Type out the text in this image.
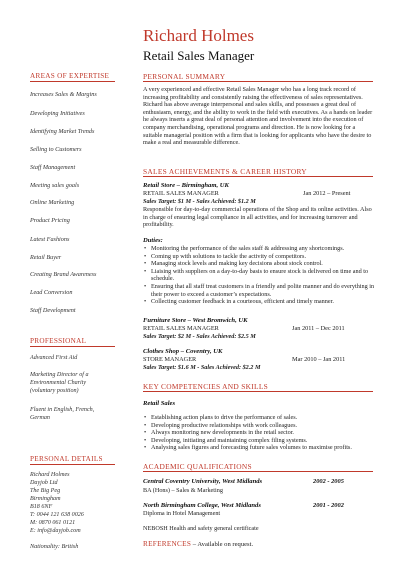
Richard Holmes
Retail Sales Manager
AREAS OF EXPERTISE
Increases Sales & Margins
Developing Initiatives
Identifying Market Trends
Selling to Customers
Staff Management
Meeting sales goals
Online Marketing
Product Pricing
Latest Fashions
Retail Buyer
Creating Brand Awareness
Lead Conversion
Staff Development
PROFESSIONAL
Advanced First Aid
Marketing Director of a Environmental Charity (voluntary position)
Fluent in English, French, German
PERSONAL DETAILS
Richard Holmes
Dayjob Ltd
The Big Peg
Birmingham
B18 6NF
T: 0044 121 638 0026
M: 0870 061 0121
E: info@dayjob.com
Nationality: British
PERSONAL SUMMARY
A very experienced and effective Retail Sales Manager who has a long track record of increasing profitability and consistently raising the effectiveness of sales representatives. Richard has above average interpersonal and sales skills, and possesses a great deal of enthusiasm, energy, and the ability to work in the field with executives. As a hands on leader he always inserts a great deal of personal attention and involvement into the execution of company merchandising, operational programs and direction. He is now looking for a suitable managerial position with a firm that is looking for applicants who have the desire to make a real and measurable difference.
SALES ACHIEVEMENTS & CAREER HISTORY
Retail Store – Birmingham, UK
RETAIL SALES MANAGER	Jan 2012 – Present
Sales Target: $1 M - Sales Achieved: $1.2 M
Responsible for day-to-day commercial operations of the Shop and its online activities. Also in charge of ensuring legal compliance in all activities, and for increasing turnover and profitability.
Duties:
• Monitoring the performance of the sales staff & addressing any shortcomings.
• Coming up with solutions to tackle the activity of competitors.
• Managing stock levels and making key decisions about stock control.
• Liaising with suppliers on a day-to-day basis to ensure stock is delivered on time and to schedule.
• Ensuring that all staff treat customers in a friendly and polite manner and do everything in their power to exceed a customer’s expectations.
• Collecting customer feedback in a courteous, efficient and timely manner.
Furniture Store – West Bromwich, UK
RETAIL SALES MANAGER	Jan 2011 – Dec 2011
Sales Target: $2 M - Sales Achieved: $2.5 M
Clothes Shop – Coventry, UK
STORE MANAGER	Mar 2010 – Jan 2011
Sales Target: $1.6 M - Sales Achieved: $2.2 M
KEY COMPETENCIES AND SKILLS
Retail Sales
• Establishing action plans to drive the performance of sales.
• Developing productive relationships with work colleagues.
• Always monitoring new developments in the retail sector.
• Developing, initiating and maintaining complex filing systems.
• Analysing sales figures and forecasting future sales volumes to maximise profits.
ACADEMIC QUALIFICATIONS
Central Coventry University, West Midlands	2002 - 2005
BA (Hons) – Sales & Marketing
North Birmingham College, West Midlands	2001 - 2002
Diploma in Hotel Management
NEBOSH Health and safety general certificate
REFERENCES – Available on request.
